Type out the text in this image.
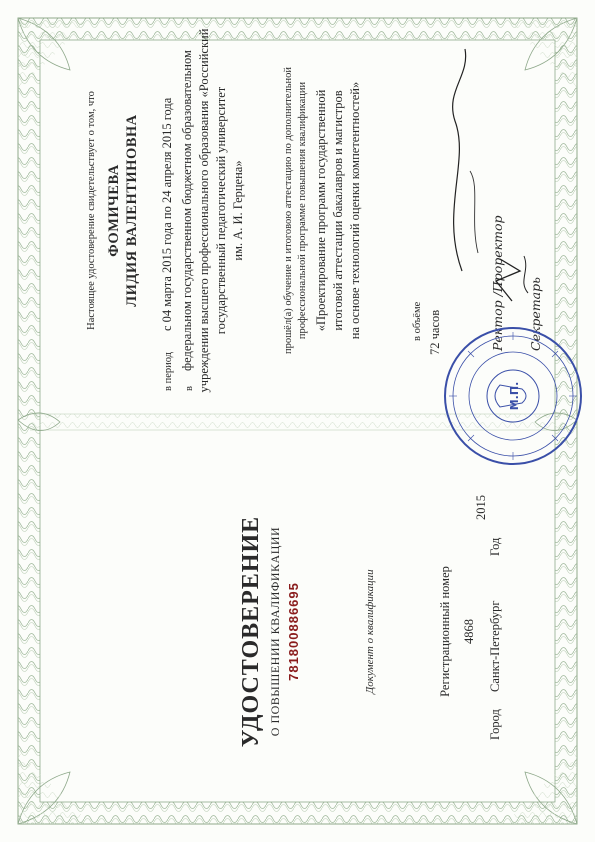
УДОСТОВЕРЕНИЕ О ПОВЫШЕНИИ КВАЛИФИКАЦИИ 781800886695	Документ о квалификации	Регистрационный номер 4868
Город
Санкт-Петербург
Год
2015
Настоящее удостоверение свидетельствует о том, что ФОМИЧЕВА ЛИДИЯ ВАЛЕНТИНОВНА
в период
с 04 марта 2015 года по 24 апреля 2015 года
в
федеральном государственном бюджетном образовательном учреждении высшего профессионального образования «Российский государственный педагогический университет им. А. И. Герцена»	прошёл(а) обучение и итоговою аттестацию по дополнительной профессиональной программе повышения квалификации «Проектирование программ государственной итоговой аттестации бакалавров и магистров на основе технологий оценки компетентностей»	в объёме 72 часов	Ректор /Проректор Секретарь
М.П.
